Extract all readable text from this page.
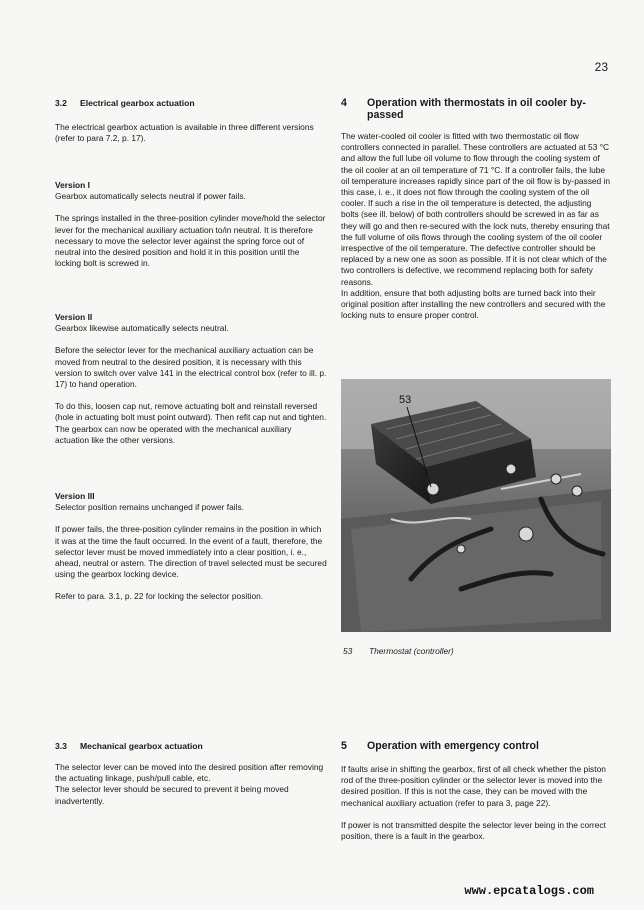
23
3.2 Electrical gearbox actuation

The electrical gearbox actuation is available in three different versions (refer to para 7.2, p. 17).

Version I

Gearbox automatically selects neutral if power fails.

The springs installed in the three-position cylinder move/hold the selector lever for the mechanical auxiliary actuation to/in neutral. It is therefore necessary to move the selector lever against the spring force out of neutral into the desired position and hold it in this position until the locking bolt is screwed in.

Version II

Gearbox likewise automatically selects neutral.

Before the selector lever for the mechanical auxiliary actuation can be moved from neutral to the desired position, it is necessary with this version to switch over valve 141 in the electrical control box (refer to ill. p. 17) to hand operation.

To do this, loosen cap nut, remove actuating bolt and reinstall reversed (hole in actuating bolt must point outward). Then refit cap nut and tighten. The gearbox can now be operated with the mechanical auxiliary actuation like the other versions.

Version III

Selector position remains unchanged if power fails.

If power fails, the three-position cylinder remains in the position in which it was at the time the fault occurred. In the event of a fault, therefore, the selector lever must be moved immediately into a clear position, i. e., ahead, neutral or astern. The direction of travel selected must be secured using the gearbox locking device.

Refer to para. 3.1, p. 22 for locking the selector position.

3.3 Mechanical gearbox actuation

The selector lever can be moved into the desired position after removing the actuating linkage, push/pull cable, etc.

The selector lever should be secured to prevent it being moved inadvertently.

4 Operation with thermostats in oil cooler by-passed

The water-cooled oil cooler is fitted with two thermostatic oil flow controllers connected in parallel. These controllers are actuated at 53 °C and allow the full lube oil volume to flow through the cooling system of the oil cooler at an oil temperature of 71 °C. If a controller fails, the lube oil temperature increases rapidly since part of the oil flow is by-passed in this case, i. e., it does not flow through the cooling system of the oil cooler. If such a rise in the oil temperature is detected, the adjusting bolts (see ill. below) of both controllers should be screwed in as far as they will go and then re-secured with the lock nuts, thereby ensuring that the full volume of oils flows through the cooling system of the oil cooler irrespective of the oil temperature. The defective controller should be replaced by a new one as soon as possible. If it is not clear which of the two controllers is defective, we recommend replacing both for safety reasons.

In addition, ensure that both adjusting bolts are turned back into their original position after installing the new controllers and secured with the locking nuts to ensure proper control.

53
53 Thermostat (controller)
5 Operation with emergency control

If faults arise in shifting the gearbox, first of all check whether the piston rod of the three-position cylinder or the selector lever is moved into the desired position. If this is not the case, they can be moved with the mechanical auxiliary actuation (refer to para 3, page 22).

If power is not transmitted despite the selector lever being in the correct position, there is a fault in the gearbox.

www.epcatalogs.com
